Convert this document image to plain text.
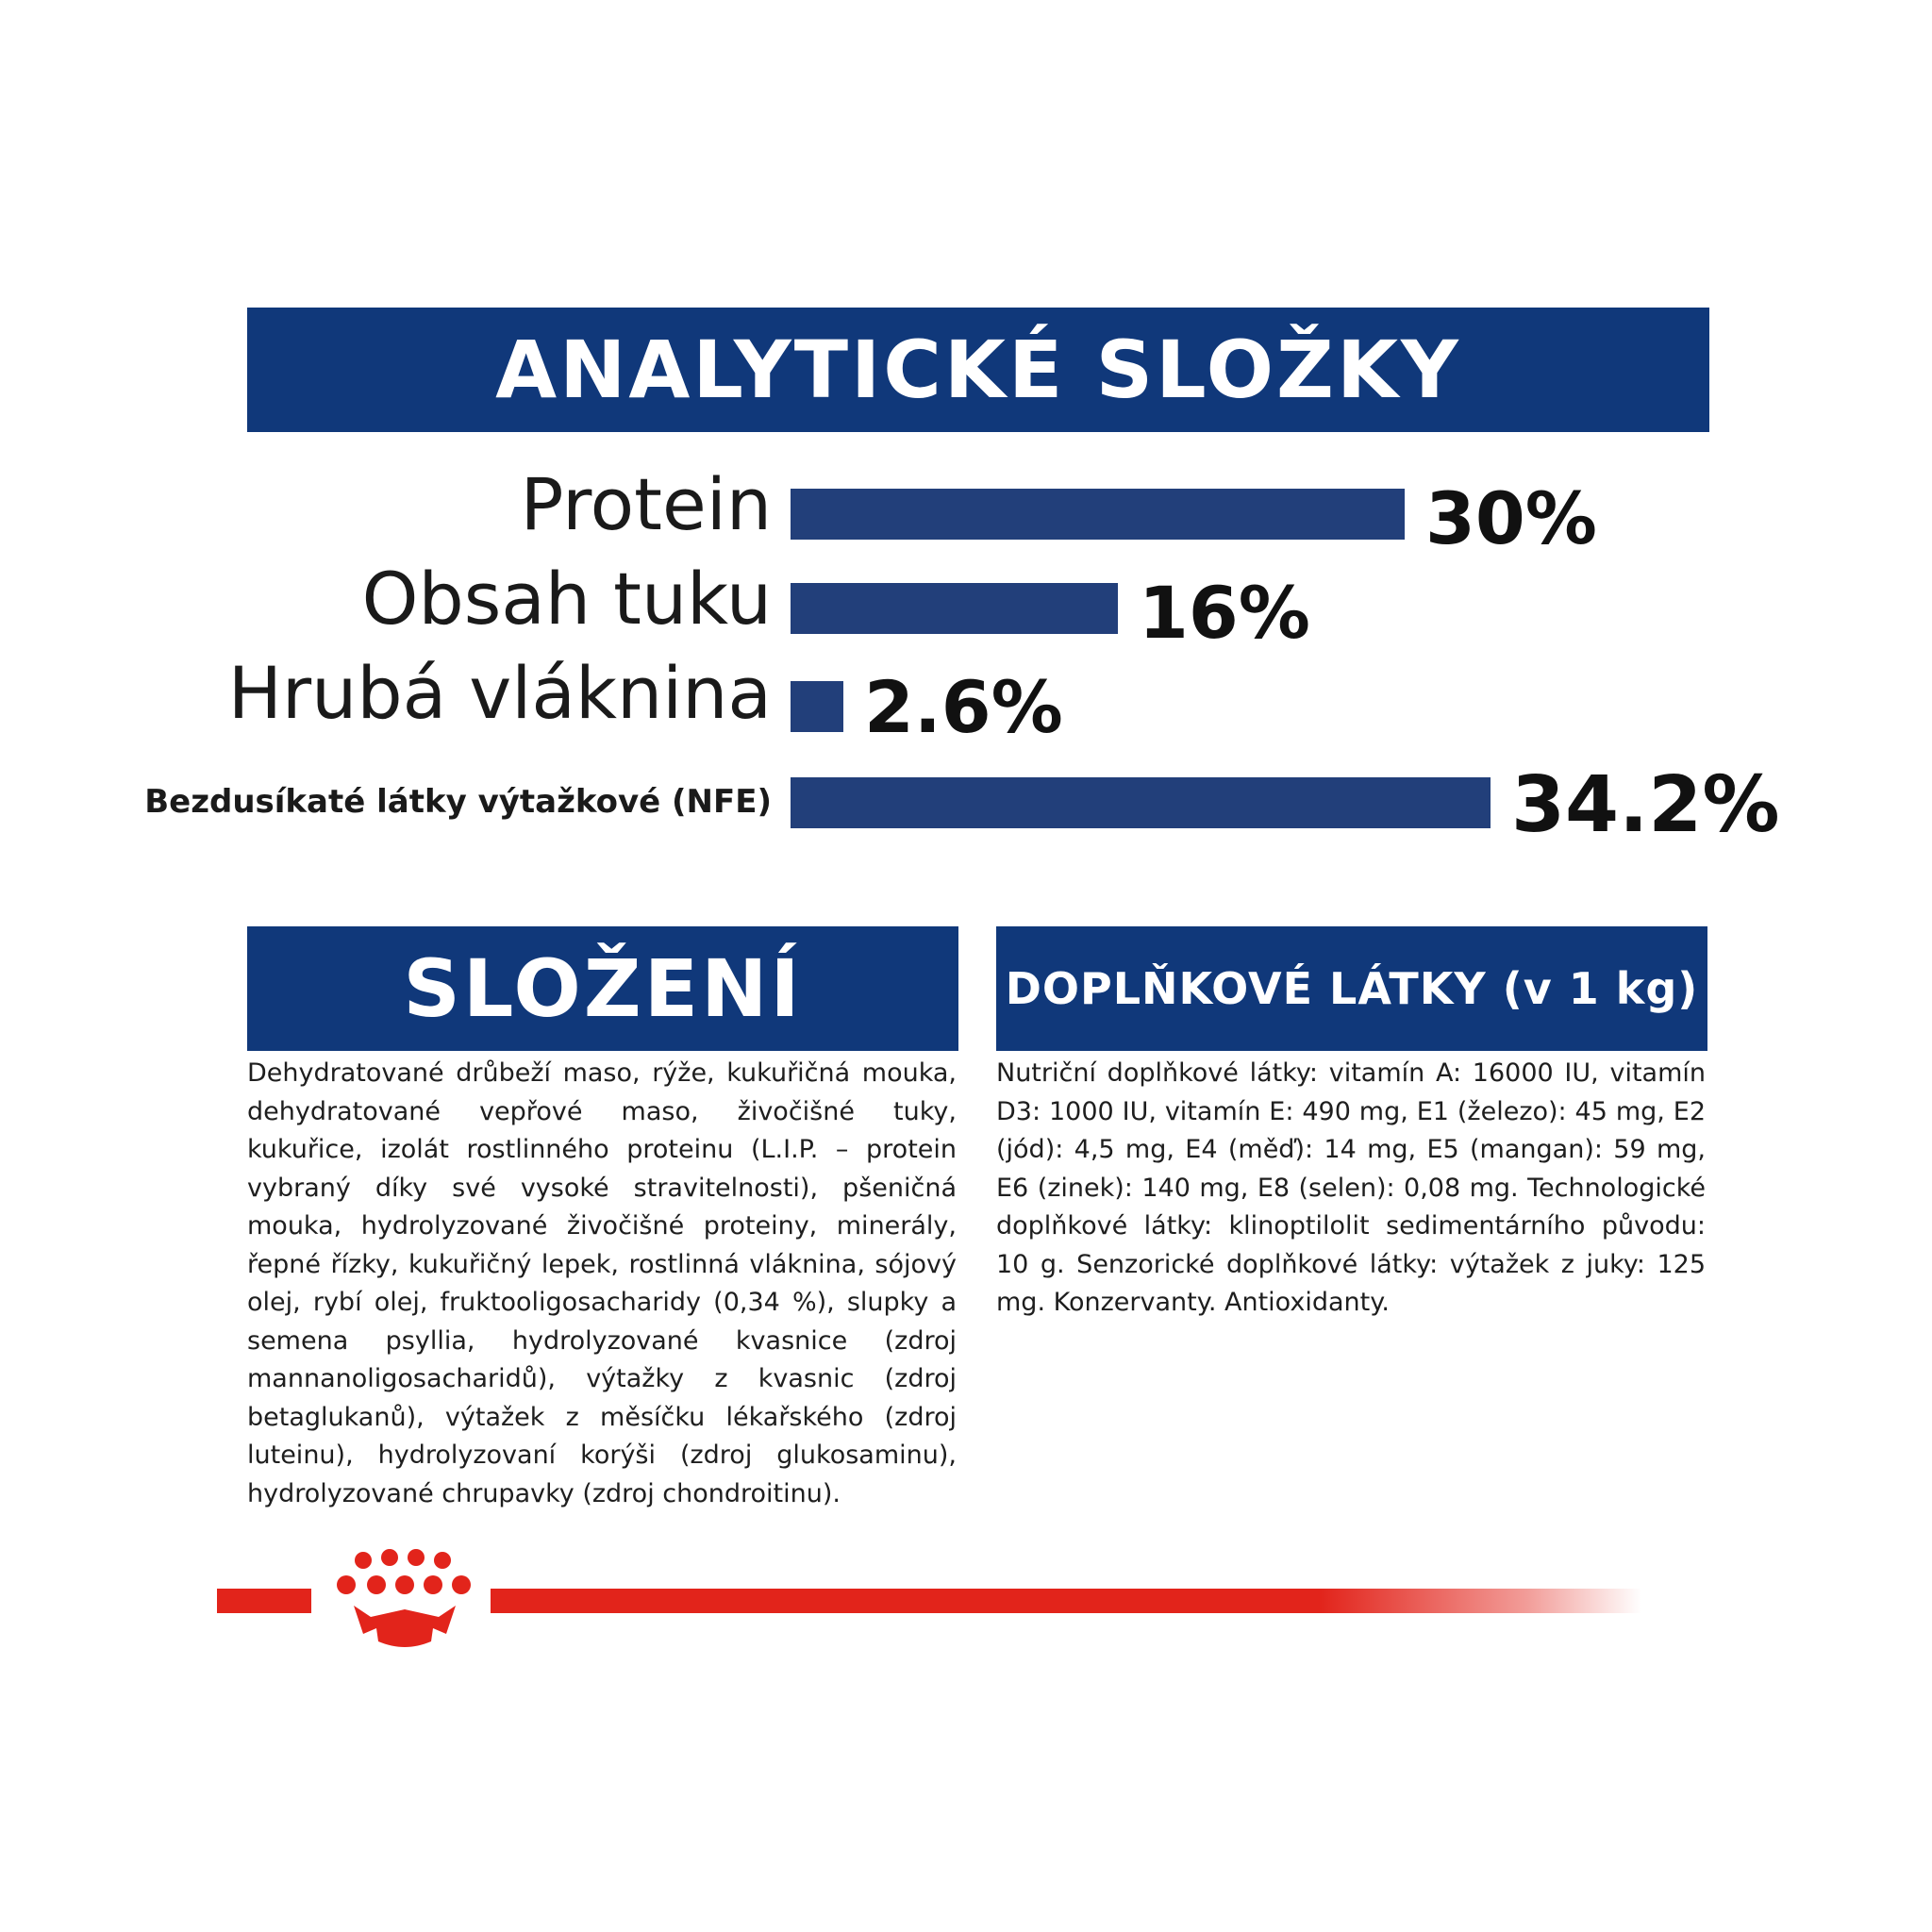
ANALYTICKÉ SLOŽKY
Protein	30%
Obsah tuku	16%
Hrubá vláknina 2.6%
Bezdusíkaté látky výtažkové (NFE)	34.2%
SLOŽENÍ	DOPLŇKOVÉ LÁTKY (v 1 kg)
Dehydratované drůbeží maso, rýže, kukuřičná mouka, dehydratované vepřové maso, živočišné tuky, kukuřice, izolát rostlinného proteinu (L.I.P. – protein vybraný díky své vysoké stravitelnosti), pšeničná mouka, hydrolyzované živočišné proteiny, minerály, řepné řízky, kukuřičný lepek, rostlinná vláknina, sójový olej, rybí olej, fruktooligosacharidy (0,34 %), slupky a semena psyllia, hydrolyzované kvasnice (zdroj mannanoligosacharidů), výtažky z kvasnic (zdroj betaglukanů), výtažek z měsíčku lékařského (zdroj luteinu), hydrolyzovaní korýši (zdroj glukosaminu), hydrolyzované chrupavky (zdroj chondroitinu).
Nutriční doplňkové látky: vitamín A: 16000 IU, vitamín D3: 1000 IU, vitamín E: 490 mg, E1 (železo): 45 mg, E2 (jód): 4,5 mg, E4 (měď): 14 mg, E5 (mangan): 59 mg, E6 (zinek): 140 mg, E8 (selen): 0,08 mg. Technologické doplňkové látky: klinoptilolit sedimentárního původu: 10 g. Senzorické doplňkové látky: výtažek z juky: 125 mg. Konzervanty. Antioxidanty.
